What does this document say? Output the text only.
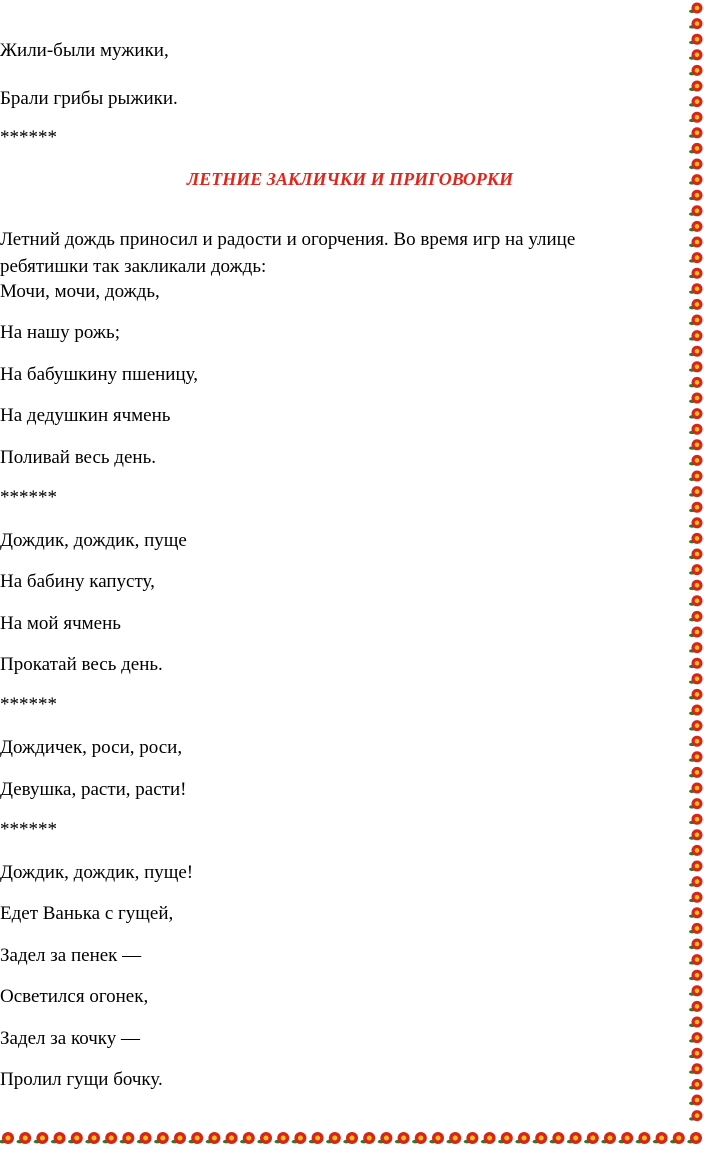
Жили-были мужики,

Брали грибы рыжики.

******

ЛЕТНИЕ ЗАКЛИЧКИ И ПРИГОВОРКИ

Летний дождь приносил и радости и огорчения. Во время игр на улице ребятишки так закликали дождь:

Мочи, мочи, дождь,

На нашу рожь;

На бабушкину пшеницу,

На дедушкин ячмень

Поливай весь день.

******

Дождик, дождик, пуще

На бабину капусту,

На мой ячмень

Прокатай весь день.

******

Дождичек, роси, роси,

Девушка, расти, расти!

******

Дождик, дождик, пуще!

Едет Ванька с гущей,

Задел за пенек —

Осветился огонек,

Задел за кочку —

Пролил гущи бочку.
